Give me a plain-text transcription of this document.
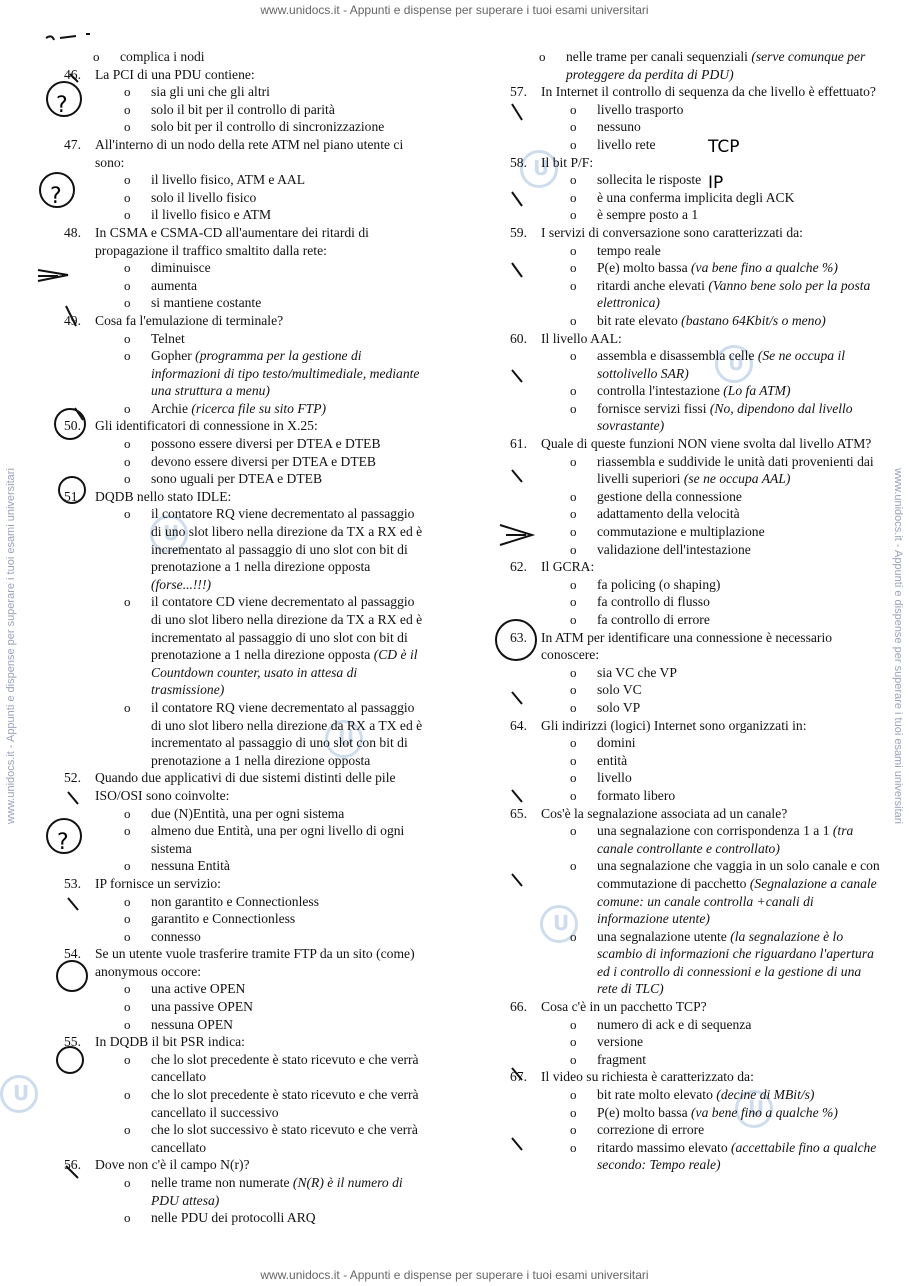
www.unidocs.it - Appunti e dispense per superare i tuoi esami universitari
www.unidocs.it - Appunti e dispense per superare i tuoi esami universitari
www.unidocs.it - Appunti e dispense per superare i tuoi esami universitari	www.unidocs.it - Appunti e dispense per superare i tuoi esami universitari
U
U
U
U
U
U
U
o complica i nodi
46. La PCI di una PDU contiene:
o sia gli uni che gli altri
o solo il bit per il controllo di parità
o solo bit per il controllo di sincronizzazione
47. All'interno di un nodo della rete ATM nel piano utente ci sono:
o il livello fisico, ATM e AAL
o solo il livello fisico
o il livello fisico e ATM
48. In CSMA e CSMA-CD all'aumentare dei ritardi di propagazione il traffico smaltito dalla rete:
o diminuisce
o aumenta
o si mantiene costante
49. Cosa fa l'emulazione di terminale?
o Telnet
o Gopher (programma per la gestione di informazioni di tipo testo/multimediale, mediante una struttura a menu)
o Archie (ricerca file su sito FTP)
50. Gli identificatori di connessione in X.25:
o possono essere diversi per DTEA e DTEB
o devono essere diversi per DTEA e DTEB
o sono uguali per DTEA e DTEB
51. DQDB nello stato IDLE:
o il contatore RQ viene decrementato al passaggio di uno slot libero nella direzione da TX a RX ed è incrementato al passaggio di uno slot con bit di prenotazione a 1 nella direzione opposta (forse...!!!)
o il contatore CD viene decrementato al passaggio di uno slot libero nella direzione da TX a RX ed è incrementato al passaggio di uno slot con bit di prenotazione a 1 nella direzione opposta (CD è il Countdown counter, usato in attesa di trasmissione)
o il contatore RQ viene decrementato al passaggio di uno slot libero nella direzione da RX a TX ed è incrementato al passaggio di uno slot con bit di prenotazione a 1 nella direzione opposta
52. Quando due applicativi di due sistemi distinti delle pile ISO/OSI sono coinvolte:
o due (N)Entità, una per ogni sistema
o almeno due Entità, una per ogni livello di ogni sistema
o nessuna Entità
53. IP fornisce un servizio:
o non garantito e Connectionless
o garantito e Connectionless
o connesso
54. Se un utente vuole trasferire tramite FTP da un sito (come) anonymous occore:
o una active OPEN
o una passive OPEN
o nessuna OPEN
55. In DQDB il bit PSR indica:
o che lo slot precedente è stato ricevuto e che verrà cancellato
o che lo slot precedente è stato ricevuto e che verrà cancellato il successivo
o che lo slot successivo è stato ricevuto e che verrà cancellato
56. Dove non c'è il campo N(r)?
o nelle trame non numerate (N(R) è il numero di PDU attesa)
o nelle PDU dei protocolli ARQ
o nelle trame per canali sequenziali (serve comunque per proteggere da perdita di PDU)
57. In Internet il controllo di sequenza da che livello è effettuato?
o livello trasporto
o nessuno
o livello rete
58. Il bit P/F:
o sollecita le risposte
o è una conferma implicita degli ACK
o è sempre posto a 1
59. I servizi di conversazione sono caratterizzati da:
o tempo reale
o P(e) molto bassa (va bene fino a qualche %)
o ritardi anche elevati (Vanno bene solo per la posta elettronica)
o bit rate elevato (bastano 64Kbit/s o meno)
60. Il livello AAL:
o assembla e disassembla celle (Se ne occupa il sottolivello SAR)
o controlla l'intestazione (Lo fa ATM)
o fornisce servizi fissi (No, dipendono dal livello sovrastante)
61. Quale di queste funzioni NON viene svolta dal livello ATM?
o riassembla e suddivide le unità dati provenienti dai livelli superiori (se ne occupa AAL)
o gestione della connessione
o adattamento della velocità
o commutazione e multiplazione
o validazione dell'intestazione
62. Il GCRA:
o fa policing (o shaping)
o fa controllo di flusso
o fa controllo di errore
63. In ATM per identificare una connessione è necessario conoscere:
o sia VC che VP
o solo VC
o solo VP
64. Gli indirizzi (logici) Internet sono organizzati in:
o domini
o entità
o livello
o formato libero
65. Cos'è la segnalazione associata ad un canale?
o una segnalazione con corrispondenza 1 a 1 (tra canale controllante e controllato)
o una segnalazione che vaggia in un solo canale e con commutazione di pacchetto (Segnalazione a canale comune: un canale controlla +canali di informazione utente)
o una segnalazione utente (la segnalazione è lo scambio di informazioni che riguardano l'apertura ed i controllo di connessioni e la gestione di una rete di TLC)
66. Cosa c'è in un pacchetto TCP?
o numero di ack e di sequenza
o versione
o fragment
67. Il video su richiesta è caratterizzato da:
o bit rate molto elevato (decine di MBit/s)
o P(e) molto bassa (va bene fino a qualche %)
o correzione di errore
o ritardo massimo elevato (accettabile fino a qualche secondo: Tempo reale)
?
?
?
TCP
IP
